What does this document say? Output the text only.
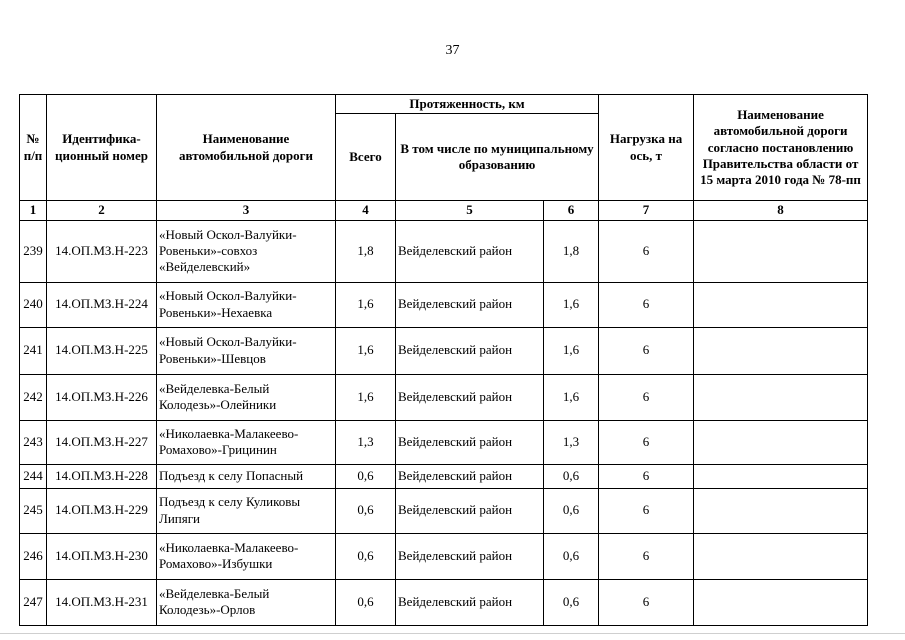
37
№ п/п	Идентифика-ционный номер	Наименование автомобильной дороги	Протяженность, км			Нагрузка на ось, т	Наименование автомобильной дороги согласно постановлению Правительства области от 15 марта 2010 года № 78-пп
			Всего	В том числе по муниципальному образованию			
1	2	3	4	5	6	7	8
239	14.ОП.МЗ.Н-223	«Новый Оскол-Валуйки-Ровеньки»-совхоз «Вейделевский»	1,8	Вейделевский район	1,8	6	
240	14.ОП.МЗ.Н-224	«Новый Оскол-Валуйки-Ровеньки»-Нехаевка	1,6	Вейделевский район	1,6	6	
241	14.ОП.МЗ.Н-225	«Новый Оскол-Валуйки-Ровеньки»-Шевцов	1,6	Вейделевский район	1,6	6	
242	14.ОП.МЗ.Н-226	«Вейделевка-Белый Колодезь»-Олейники	1,6	Вейделевский район	1,6	6	
243	14.ОП.МЗ.Н-227	«Николаевка-Малакеево-Ромахово»-Грицинин	1,3	Вейделевский район	1,3	6	
244	14.ОП.МЗ.Н-228	Подъезд к селу Попасный	0,6	Вейделевский район	0,6	6	
245	14.ОП.МЗ.Н-229	Подъезд к селу Куликовы Липяги	0,6	Вейделевский район	0,6	6	
246	14.ОП.МЗ.Н-230	«Николаевка-Малакеево-Ромахово»-Избушки	0,6	Вейделевский район	0,6	6	
247	14.ОП.МЗ.Н-231	«Вейделевка-Белый Колодезь»-Орлов	0,6	Вейделевский район	0,6	6	
